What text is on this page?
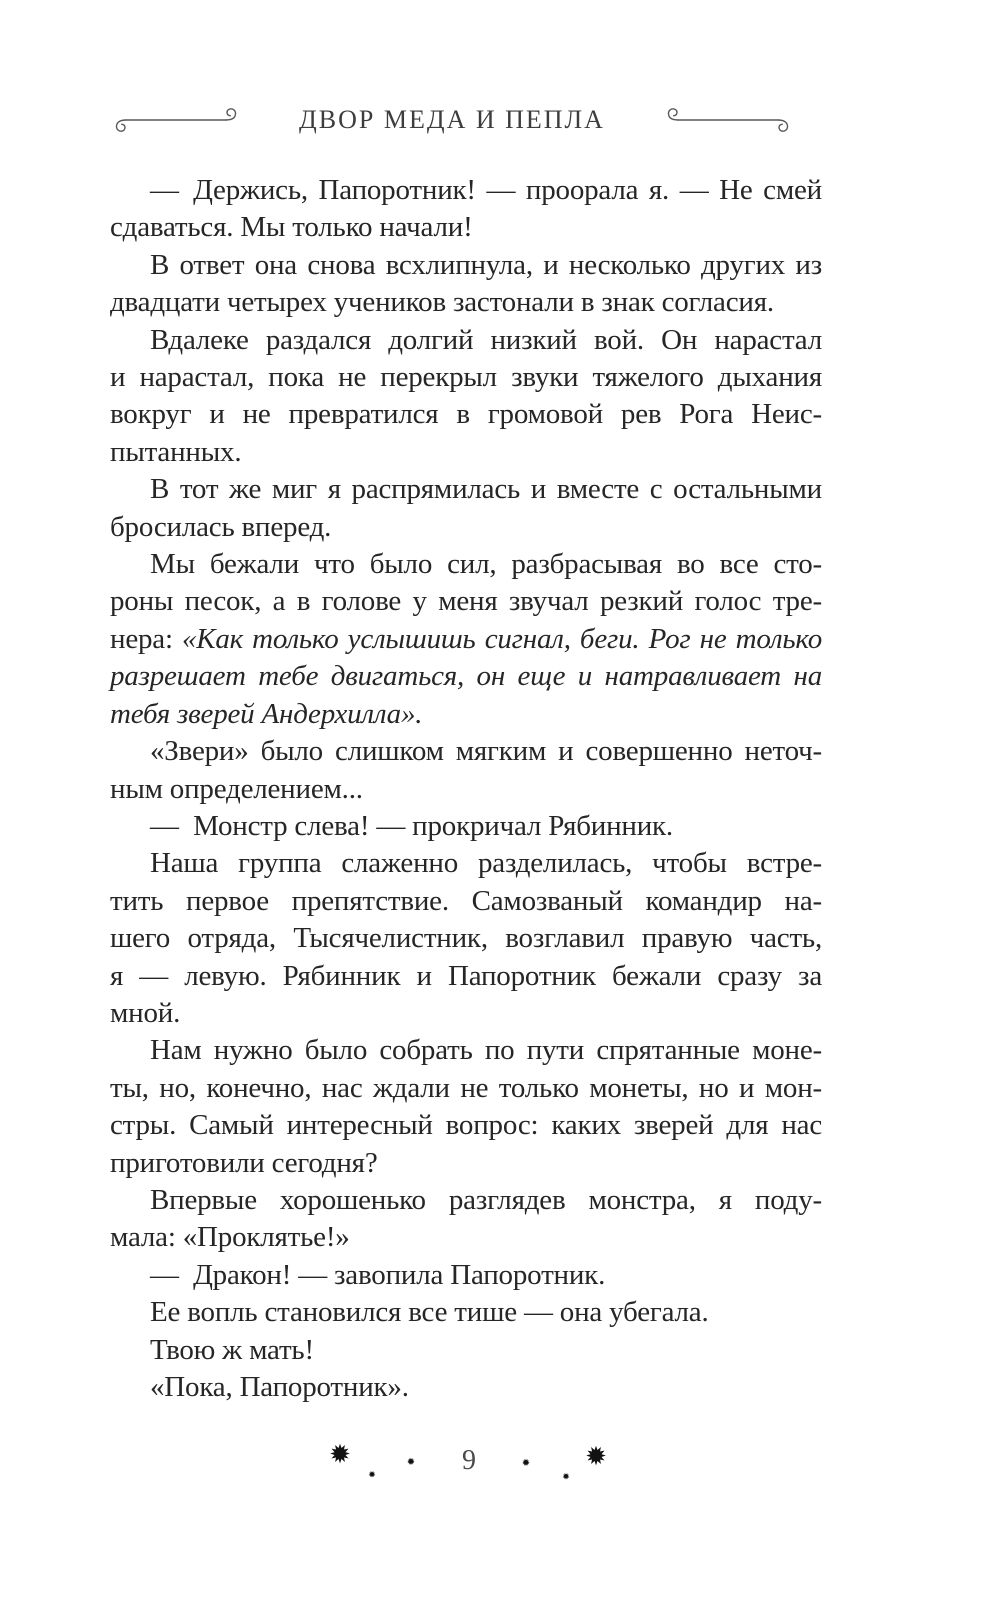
ДВОР МЕДА И ПЕПЛА
— Держись, Папоротник! — проорала я. — Не смей
сдаваться. Мы только начали!
В ответ она снова всхлипнула, и несколько других из
двадцати четырех учеников застонали в знак согласия.
Вдалеке раздался долгий низкий вой. Он нарастал
и нарастал, пока не перекрыл звуки тяжелого дыхания
вокруг и не превратился в громовой рев Рога Неис-
пытанных.
В тот же миг я распрямилась и вместе с остальными
бросилась вперед.
Мы бежали что было сил, разбрасывая во все сто-
роны песок, а в голове у меня звучал резкий голос тре-
нера: «Как только услышишь сигнал, беги. Рог не только
разрешает тебе двигаться, он еще и натравливает на
тебя зверей Андерхилла».
«Звери» было слишком мягким и совершенно неточ-
ным определением...
— Монстр слева! — прокричал Рябинник.
Наша группа слаженно разделилась, чтобы встре-
тить первое препятствие. Самозваный командир на-
шего отряда, Тысячелистник, возглавил правую часть,
я — левую. Рябинник и Папоротник бежали сразу за
мной.
Нам нужно было собрать по пути спрятанные моне-
ты, но, конечно, нас ждали не только монеты, но и мон-
стры. Самый интересный вопрос: каких зверей для нас
приготовили сегодня?
Впервые хорошенько разглядев монстра, я поду-
мала: «Проклятье!»
— Дракон! — завопила Папоротник.
Ее вопль становился все тише — она убегала.
Твою ж мать!
«Пока, Папоротник».
✹
✹
✹ 9	✹
✹
✹
